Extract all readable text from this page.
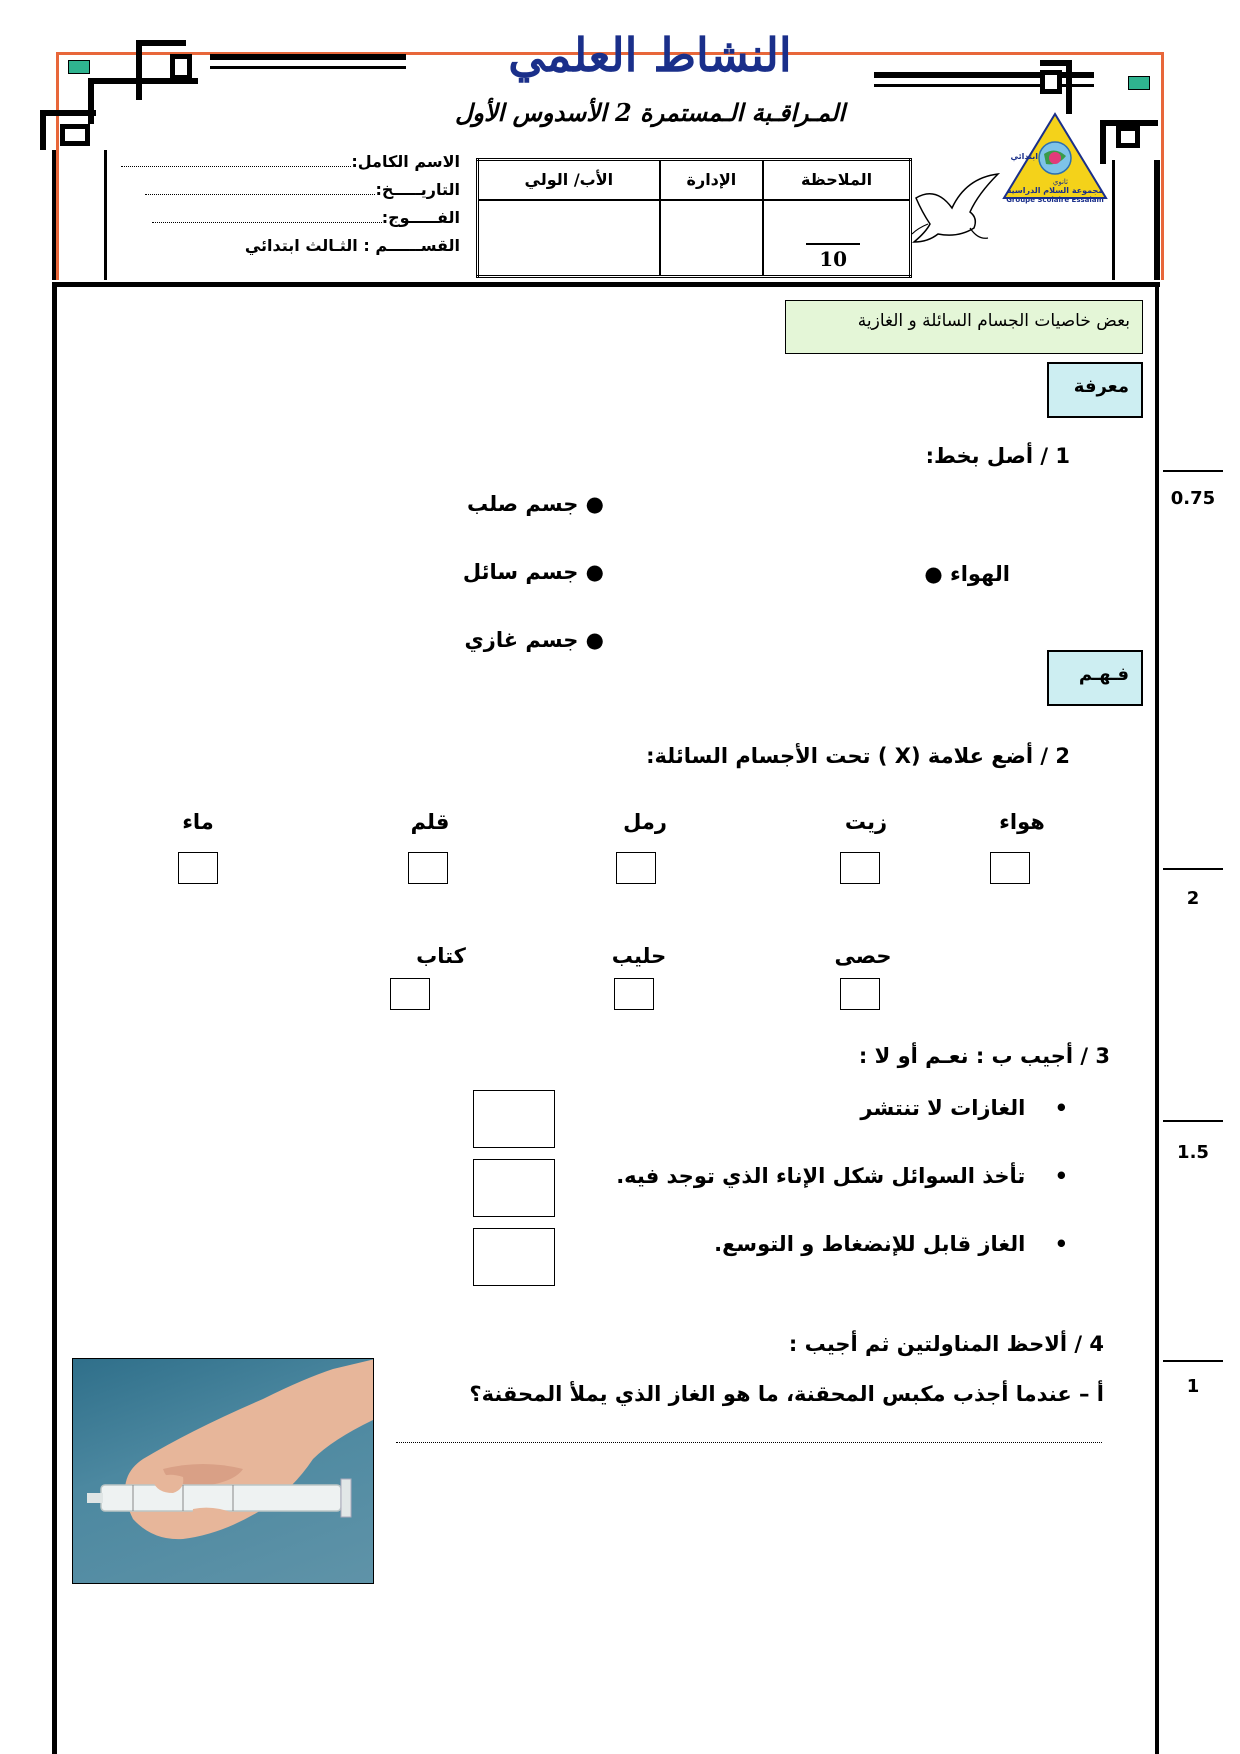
النشاط العلمي
المـراقـبة الـمستمرة 2 الأسدوس الأول
ابتدائي
ثانوي
مجموعة السلام الدراسية
Groupe Scolaire Essalam
الاسم الكامل:
التاريـــــخ:
الفـــــوج:
القســــــم : الثـالث ابتدائي
الأب/ الولي	الإدارة	الملاحظة

		10
بعض خاصيات الجسام السائلة و الغازية
معرفة
1 / أصل بخط:
● جسم صلب
● جسم سائل
● جسم غازي
الهواء ●
0.75
فـهـم
2 / أضع علامة (X ) تحت الأجسام السائلة:
هواء
زيت
رمل
قلم
ماء
حصى
حليب
كتاب
2
3 / أجيب ب : نعـم أو لا :
•    الغازات لا تنتشر
•    تأخذ السوائل شكل الإناء الذي توجد فيه.
•    الغاز قابل للإنضغاط و التوسع.
1.5
4 / ألاحظ المناولتين ثم أجيب :
أ – عندما أجذب مكبس المحقنة، ما هو الغاز الذي يملأ المحقنة؟	1
